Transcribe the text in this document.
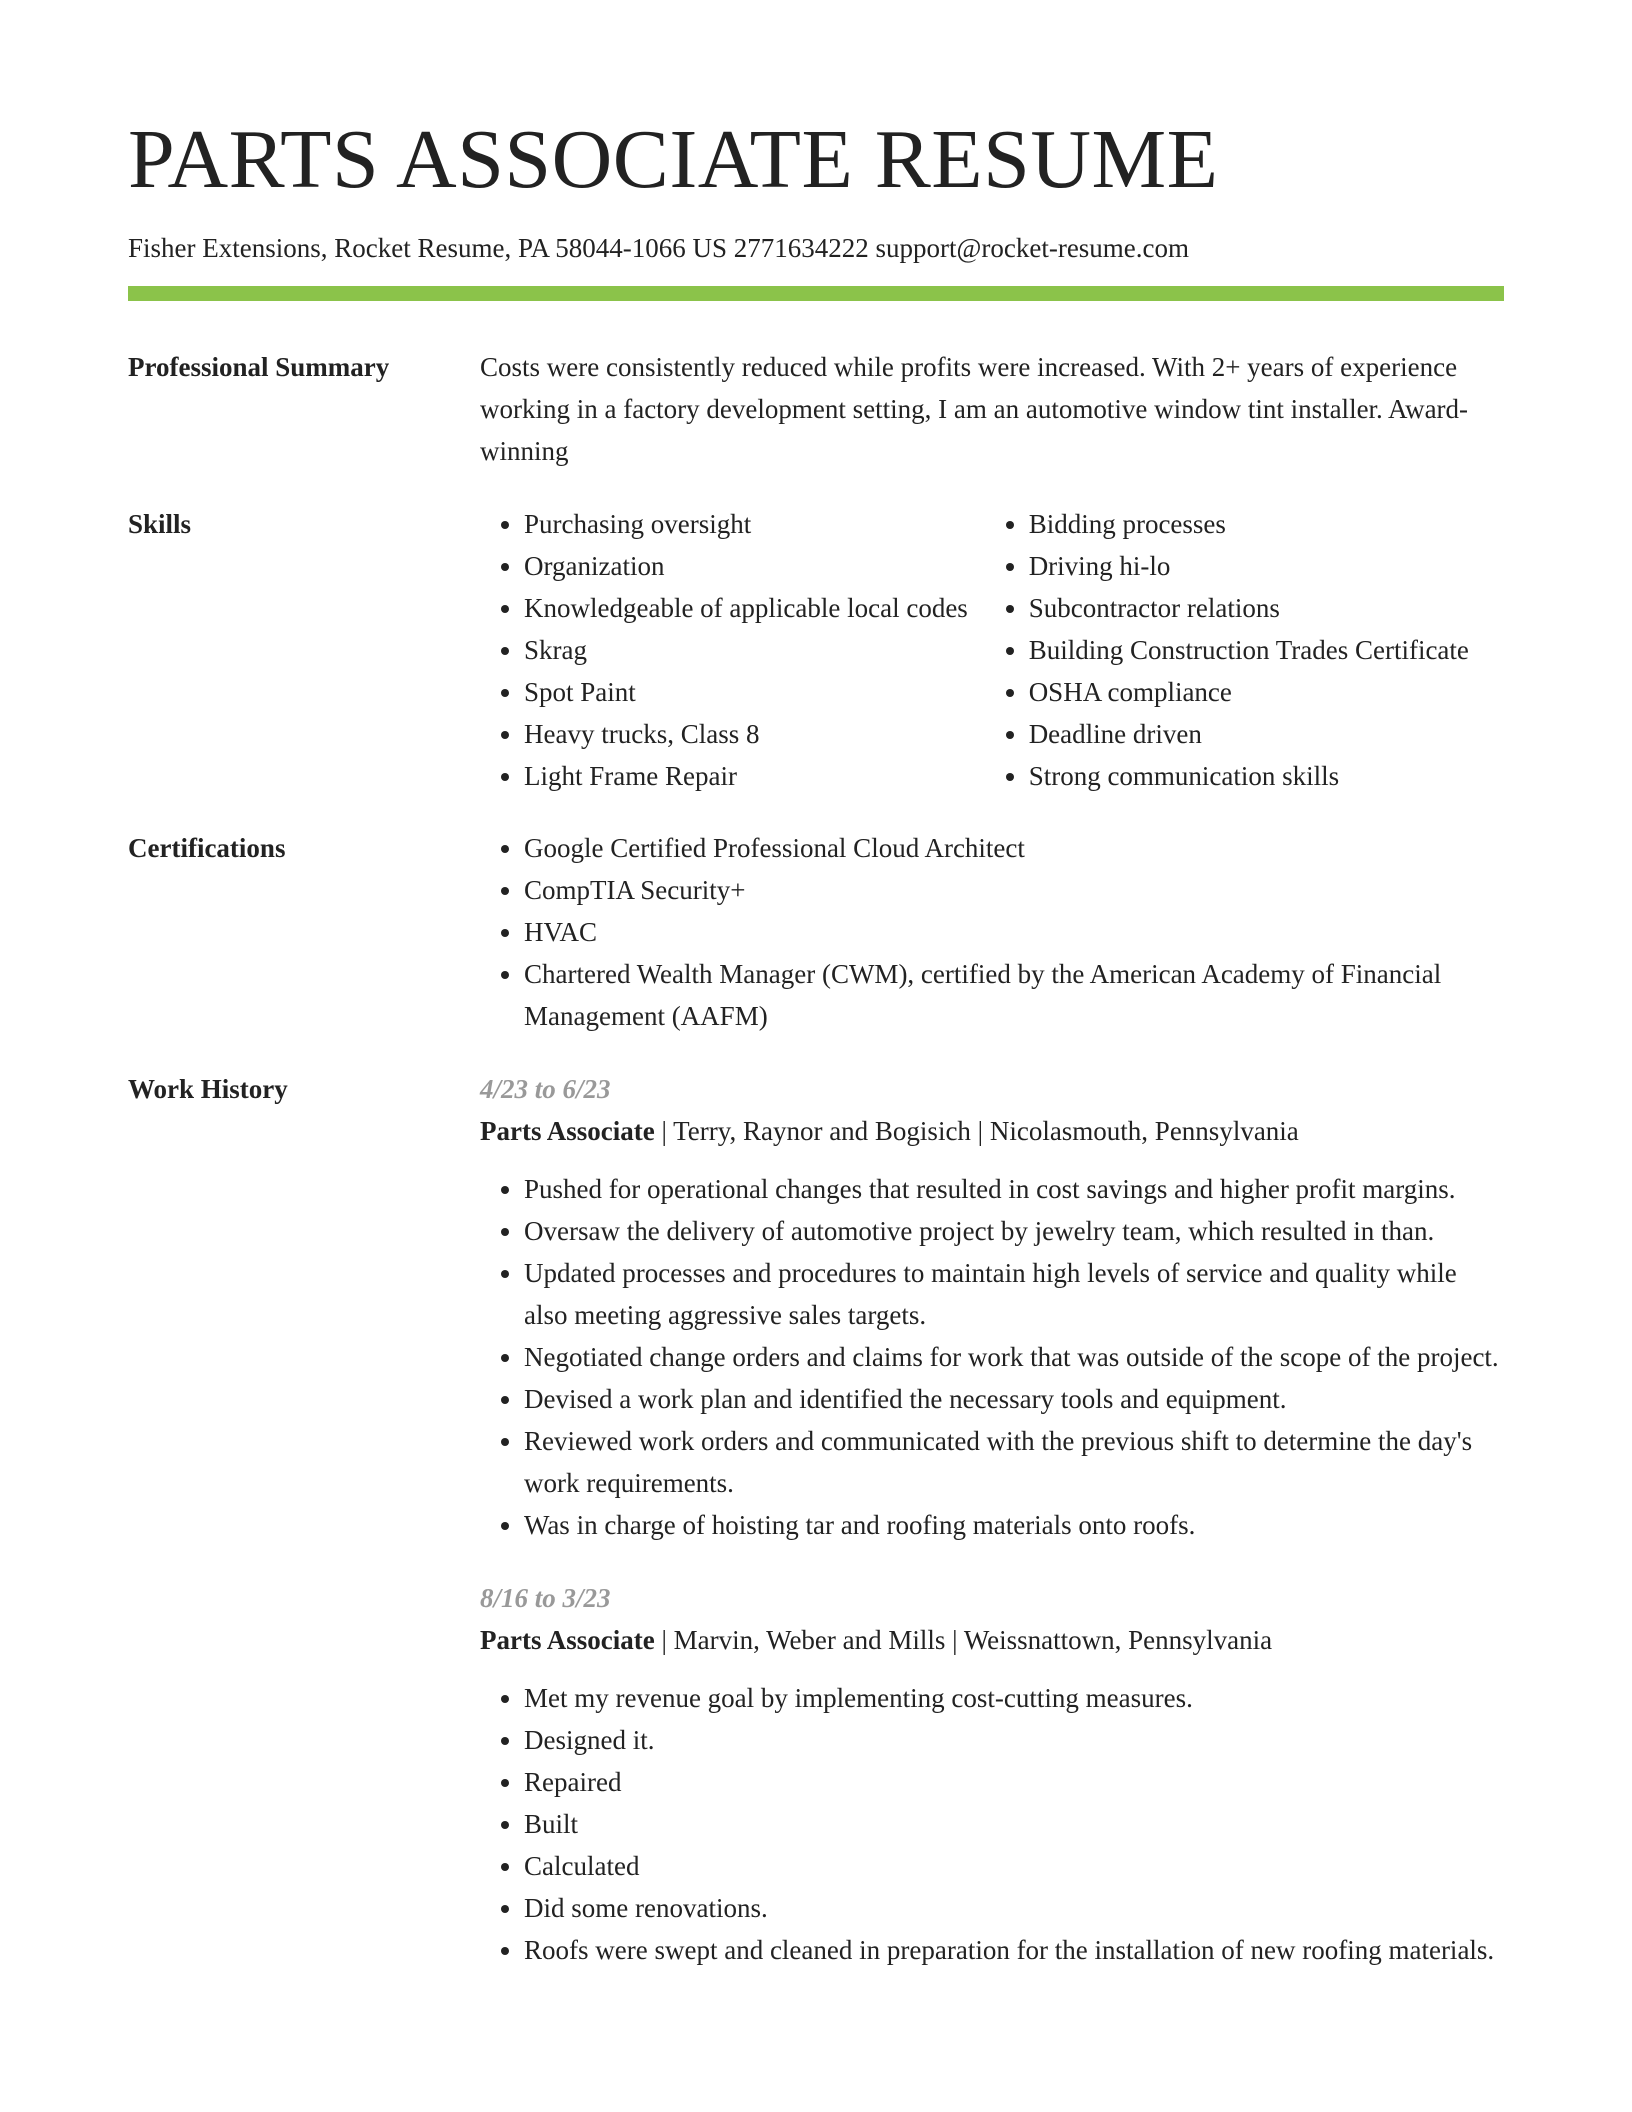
PARTS ASSOCIATE RESUME
Fisher Extensions, Rocket Resume, PA 58044-1066 US 2771634222 support@rocket-resume.com
Professional Summary	Costs were consistently reduced while profits were increased. With 2+ years of experience working in a factory development setting, I am an automotive window tint installer. Award-winning
Skills	• Purchasing oversight
• Organization
• Knowledgeable of applicable local codes
• Skrag
• Spot Paint
• Heavy trucks, Class 8
• Light Frame Repair
• Bidding processes
• Driving hi-lo
• Subcontractor relations
• Building Construction Trades Certificate
• OSHA compliance
• Deadline driven
• Strong communication skills
Certifications	• Google Certified Professional Cloud Architect
• CompTIA Security+
• HVAC
• Chartered Wealth Manager (CWM), certified by the American Academy of Financial Management (AAFM)
Work History	4/23 to 6/23
Parts Associate | Terry, Raynor and Bogisich | Nicolasmouth, Pennsylvania
• Pushed for operational changes that resulted in cost savings and higher profit margins.
• Oversaw the delivery of automotive project by jewelry team, which resulted in than.
• Updated processes and procedures to maintain high levels of service and quality while also meeting aggressive sales targets.
• Negotiated change orders and claims for work that was outside of the scope of the project.
• Devised a work plan and identified the necessary tools and equipment.
• Reviewed work orders and communicated with the previous shift to determine the day's work requirements.
• Was in charge of hoisting tar and roofing materials onto roofs.
8/16 to 3/23
Parts Associate | Marvin, Weber and Mills | Weissnattown, Pennsylvania
• Met my revenue goal by implementing cost-cutting measures.
• Designed it.
• Repaired
• Built
• Calculated
• Did some renovations.
• Roofs were swept and cleaned in preparation for the installation of new roofing materials.
